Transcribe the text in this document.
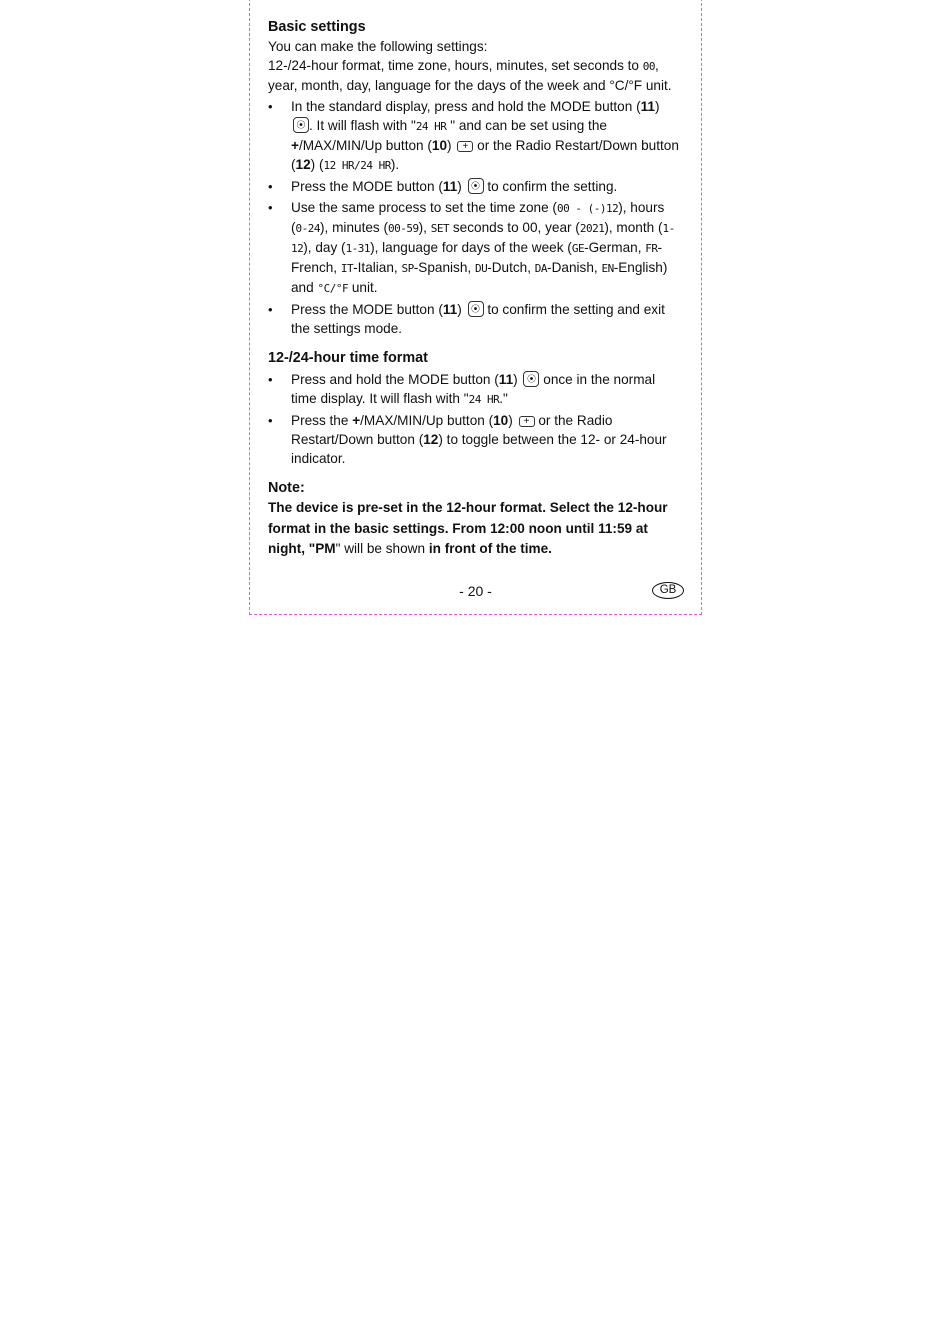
Basic settings

You can make the following settings:

12-/24-hour format, time zone, hours, minutes, set seconds to 00, year, month, day, language for the days of the week and °C/°F unit.

• In the standard display, press and hold the MODE button (11) ⦿ . It will flash with "24 HR " and can be set using the +/MAX/MIN/Up button (10) + or the Radio Restart/Down button (12) (12 HR/24 HR).
• Press the MODE button (11) ⦿ to confirm the setting.
• Use the same process to set the time zone (00 - (-)12), hours (0-24), minutes (00-59), SET seconds to 00, year (2021), month (1-12), day (1-31), language for days of the week (GE-German, FR-French, IT-Italian, SP-Spanish, DU-Dutch, DA-Danish, EN-English) and °C/°F unit.
• Press the MODE button (11) ⦿ to confirm the setting and exit the settings mode.
12-/24-hour time format
• Press and hold the MODE button (11) ⦿ once in the normal time display. It will flash with "24 HR."
• Press the +/MAX/MIN/Up button (10) + or the Radio Restart/Down button (12) to toggle between the 12- or 24-hour indicator.
Note:

The device is pre-set in the 12-hour format. Select the 12-hour format in the basic settings. From 12:00 noon until 11:59 at night, "PM" will be shown in front of the time.

- 20 -	GB
